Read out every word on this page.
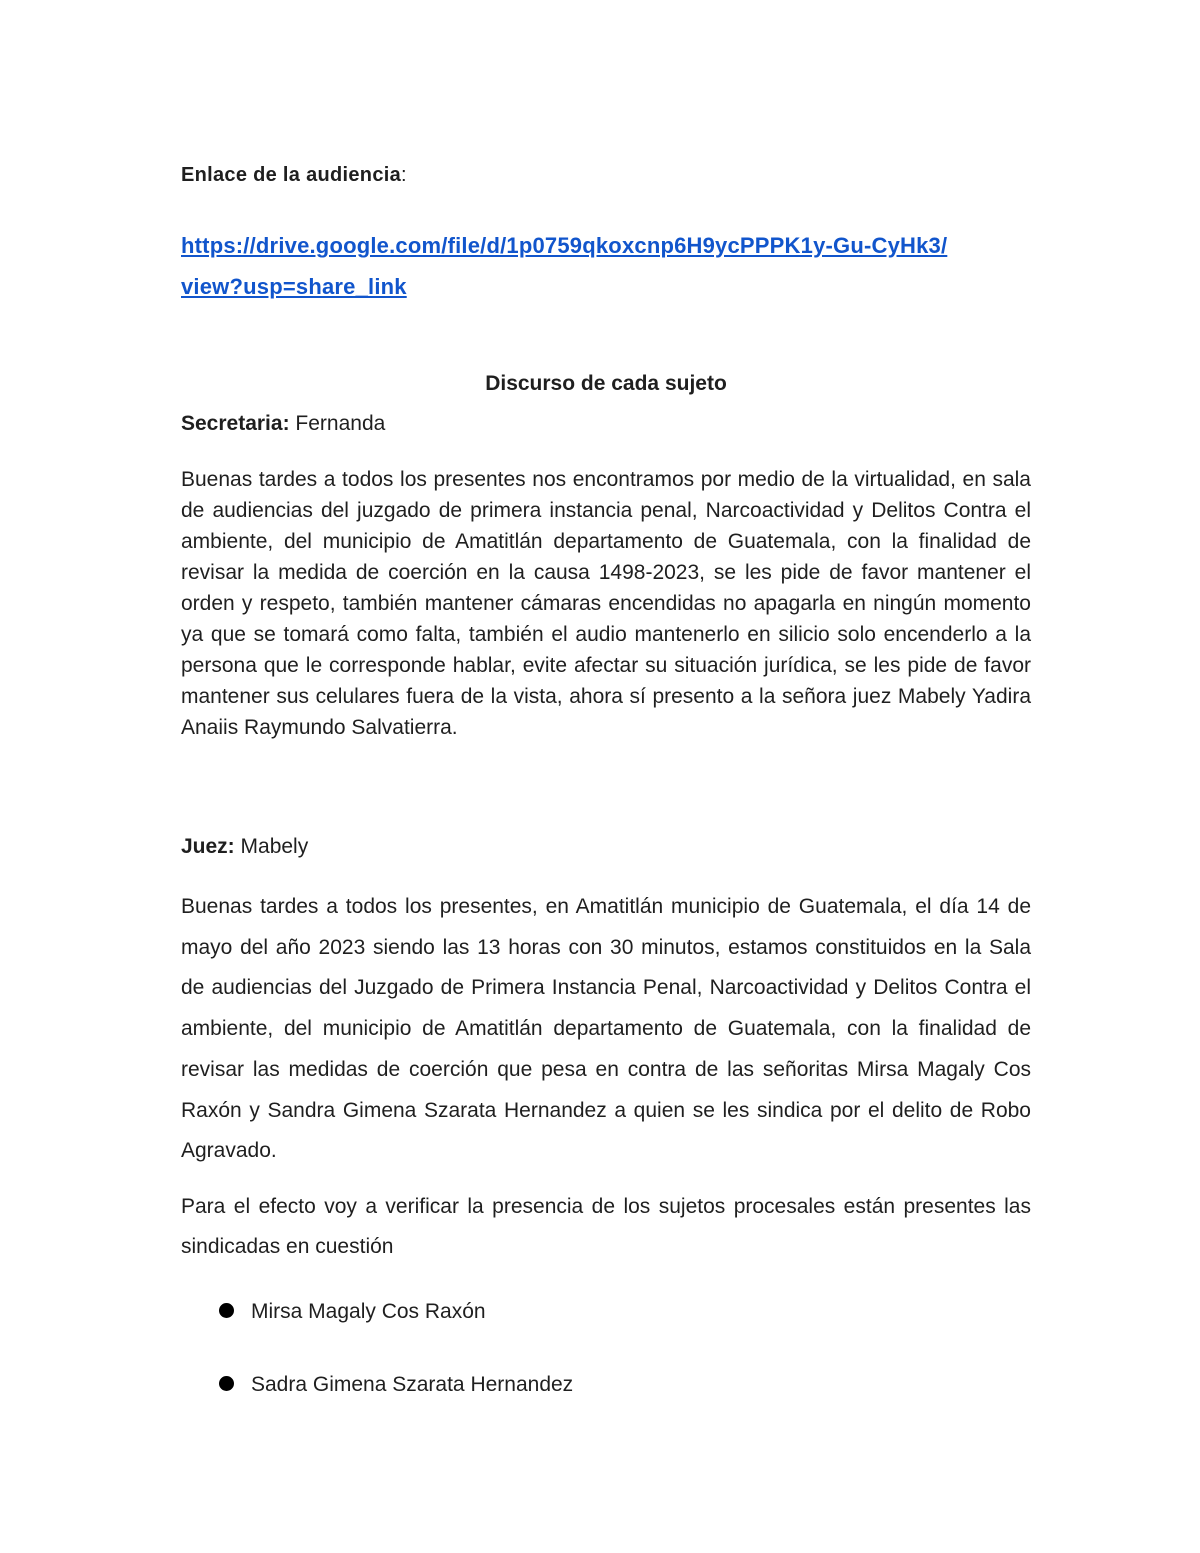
Enlace de la audiencia:
https://drive.google.com/file/d/1p0759qkoxcnp6H9ycPPPK1y-Gu-CyHk3/
view?usp=share_link
Discurso de cada sujeto
Secretaria: Fernanda

Buenas tardes a todos los presentes nos encontramos por medio de la virtualidad, en sala de audiencias del juzgado de primera instancia penal, Narcoactividad y Delitos Contra el ambiente, del municipio de Amatitlán departamento de Guatemala, con la finalidad de revisar la medida de coerción en la causa 1498-2023, se les pide de favor mantener el orden y respeto, también mantener cámaras encendidas no apagarla en ningún momento ya que se tomará como falta, también el audio mantenerlo en silicio solo encenderlo a la persona que le corresponde hablar, evite afectar su situación jurídica, se les pide de favor mantener sus celulares fuera de la vista, ahora sí presento a la señora juez Mabely Yadira Anaiis Raymundo Salvatierra.

Juez: Mabely

Buenas tardes a todos los presentes, en Amatitlán municipio de Guatemala, el día 14 de mayo del año 2023 siendo las 13 horas con 30 minutos, estamos constituidos en la Sala de audiencias del Juzgado de Primera Instancia Penal, Narcoactividad y Delitos Contra el ambiente, del municipio de Amatitlán departamento de Guatemala, con la finalidad de revisar las medidas de coerción que pesa en contra de las señoritas Mirsa Magaly Cos Raxón y Sandra Gimena Szarata Hernandez a quien se les sindica por el delito de Robo Agravado.

Para el efecto voy a verificar la presencia de los sujetos procesales están presentes las sindicadas en cuestión

Mirsa Magaly Cos Raxón
Sadra Gimena Szarata Hernandez
